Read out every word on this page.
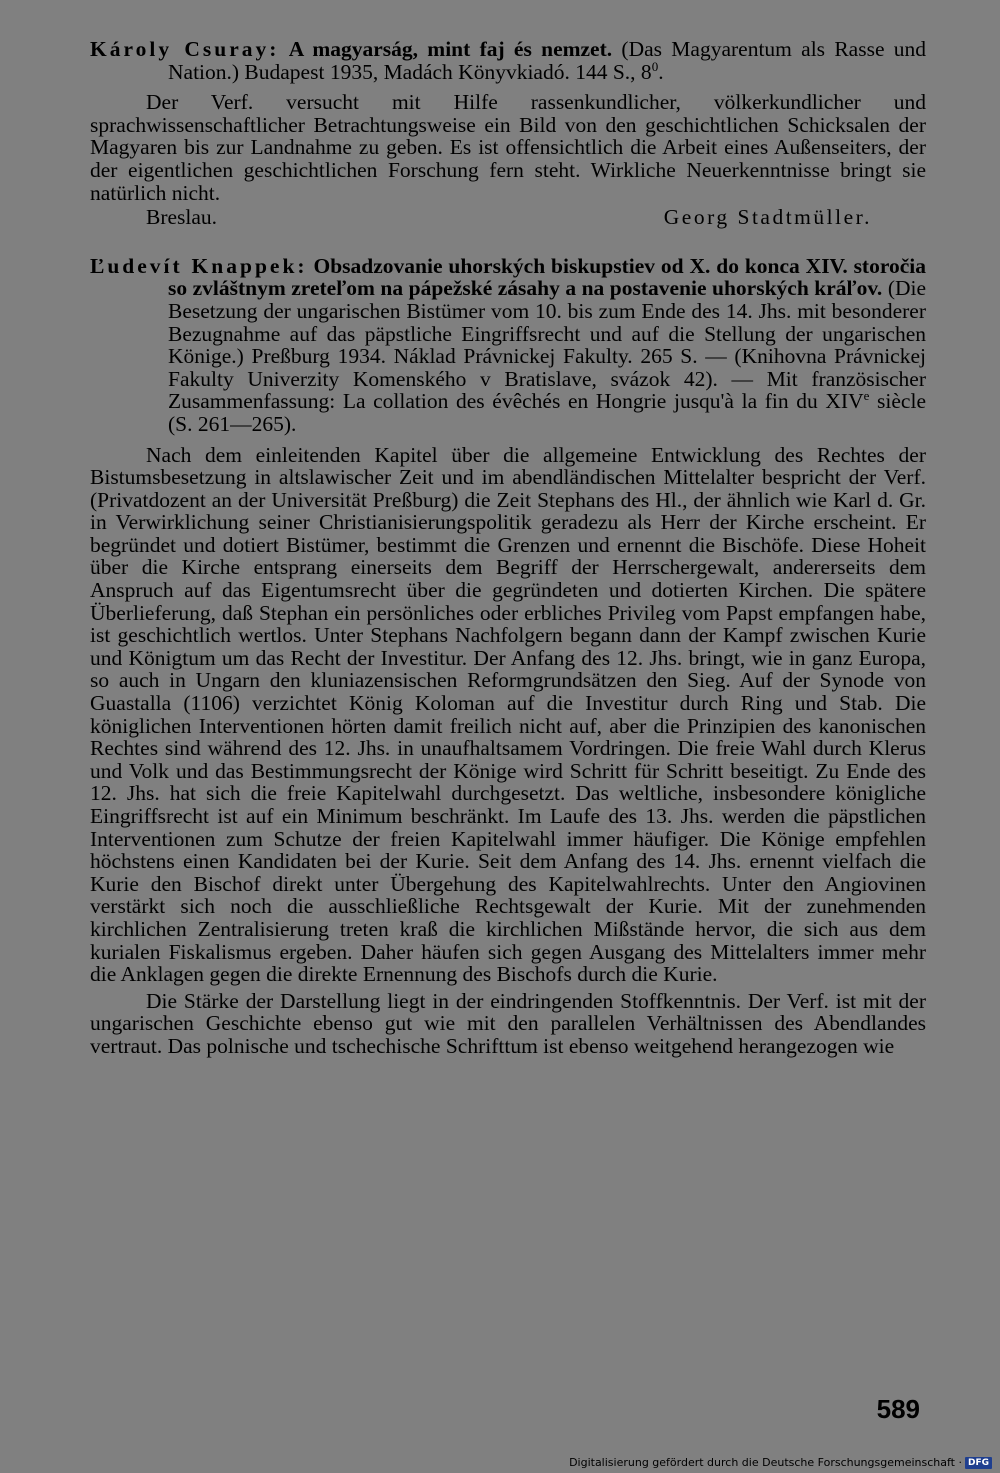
Károly Csuray: A magyarság, mint faj és nemzet. (Das Magyarentum als Rasse und Nation.) Budapest 1935, Madách Könyvkiadó. 144 S., $8^0$.

Der Verf. versucht mit Hilfe rassenkundlicher, völkerkundlicher und sprachwissenschaftlicher Betrachtungsweise ein Bild von den geschichtlichen Schicksalen der Magyaren bis zur Landnahme zu geben. Es ist offensichtlich die Arbeit eines Außenseiters, der der eigentlichen geschichtlichen Forschung fern steht. Wirkliche Neuerkenntnisse bringt sie natürlich nicht.

Breslau.	Georg Stadtmüller.
Ľudevít Knappek: Obsadzovanie uhorských biskupstiev od X. do konca XIV. storočia so zvláštnym zreteľom na pápežské zásahy a na postavenie uhorských kráľov. (Die Besetzung der ungarischen Bistümer vom 10. bis zum Ende des 14. Jhs. mit besonderer Bezugnahme auf das päpstliche Eingriffsrecht und auf die Stellung der ungarischen Könige.) Preßburg 1934. Náklad Právnickej Fakulty. 265 S. — (Knihovna Právnickej Fakulty Univerzity Komenského v Bratislave, svázok 42). — Mit französischer Zusammenfassung: La collation des évêchés en Hongrie jusqu'à la fin du XIVe siècle (S. 261—265).

Nach dem einleitenden Kapitel über die allgemeine Entwicklung des Rechtes der Bistumsbesetzung in altslawischer Zeit und im abendländischen Mittelalter bespricht der Verf. (Privatdozent an der Universität Preßburg) die Zeit Stephans des Hl., der ähnlich wie Karl d. Gr. in Verwirklichung seiner Christianisierungspolitik geradezu als Herr der Kirche erscheint. Er begründet und dotiert Bistümer, bestimmt die Grenzen und ernennt die Bischöfe. Diese Hoheit über die Kirche entsprang einerseits dem Begriff der Herrschergewalt, andererseits dem Anspruch auf das Eigentumsrecht über die gegründeten und dotierten Kirchen. Die spätere Überlieferung, daß Stephan ein persönliches oder erbliches Privileg vom Papst empfangen habe, ist geschichtlich wertlos. Unter Stephans Nachfolgern begann dann der Kampf zwischen Kurie und Königtum um das Recht der Investitur. Der Anfang des 12. Jhs. bringt, wie in ganz Europa, so auch in Ungarn den kluniazensischen Reformgrundsätzen den Sieg. Auf der Synode von Guastalla (1106) verzichtet König Koloman auf die Investitur durch Ring und Stab. Die königlichen Interventionen hörten damit freilich nicht auf, aber die Prinzipien des kanonischen Rechtes sind während des 12. Jhs. in unaufhaltsamem Vordringen. Die freie Wahl durch Klerus und Volk und das Bestimmungsrecht der Könige wird Schritt für Schritt beseitigt. Zu Ende des 12. Jhs. hat sich die freie Kapitelwahl durchgesetzt. Das weltliche, insbesondere königliche Eingriffsrecht ist auf ein Minimum beschränkt. Im Laufe des 13. Jhs. werden die päpstlichen Interventionen zum Schutze der freien Kapitelwahl immer häufiger. Die Könige empfehlen höchstens einen Kandidaten bei der Kurie. Seit dem Anfang des 14. Jhs. ernennt vielfach die Kurie den Bischof direkt unter Übergehung des Kapitelwahlrechts. Unter den Angiovinen verstärkt sich noch die ausschließliche Rechtsgewalt der Kurie. Mit der zunehmenden kirchlichen Zentralisierung treten kraß die kirchlichen Mißstände hervor, die sich aus dem kurialen Fiskalismus ergeben. Daher häufen sich gegen Ausgang des Mittelalters immer mehr die Anklagen gegen die direkte Ernennung des Bischofs durch die Kurie.

Die Stärke der Darstellung liegt in der eindringenden Stoffkenntnis. Der Verf. ist mit der ungarischen Geschichte ebenso gut wie mit den parallelen Verhältnissen des Abendlandes vertraut. Das polnische und tschechische Schrifttum ist ebenso weitgehend herangezogen wie

589
Digitalisierung gefördert durch die Deutsche Forschungsgemeinschaft · DFG
